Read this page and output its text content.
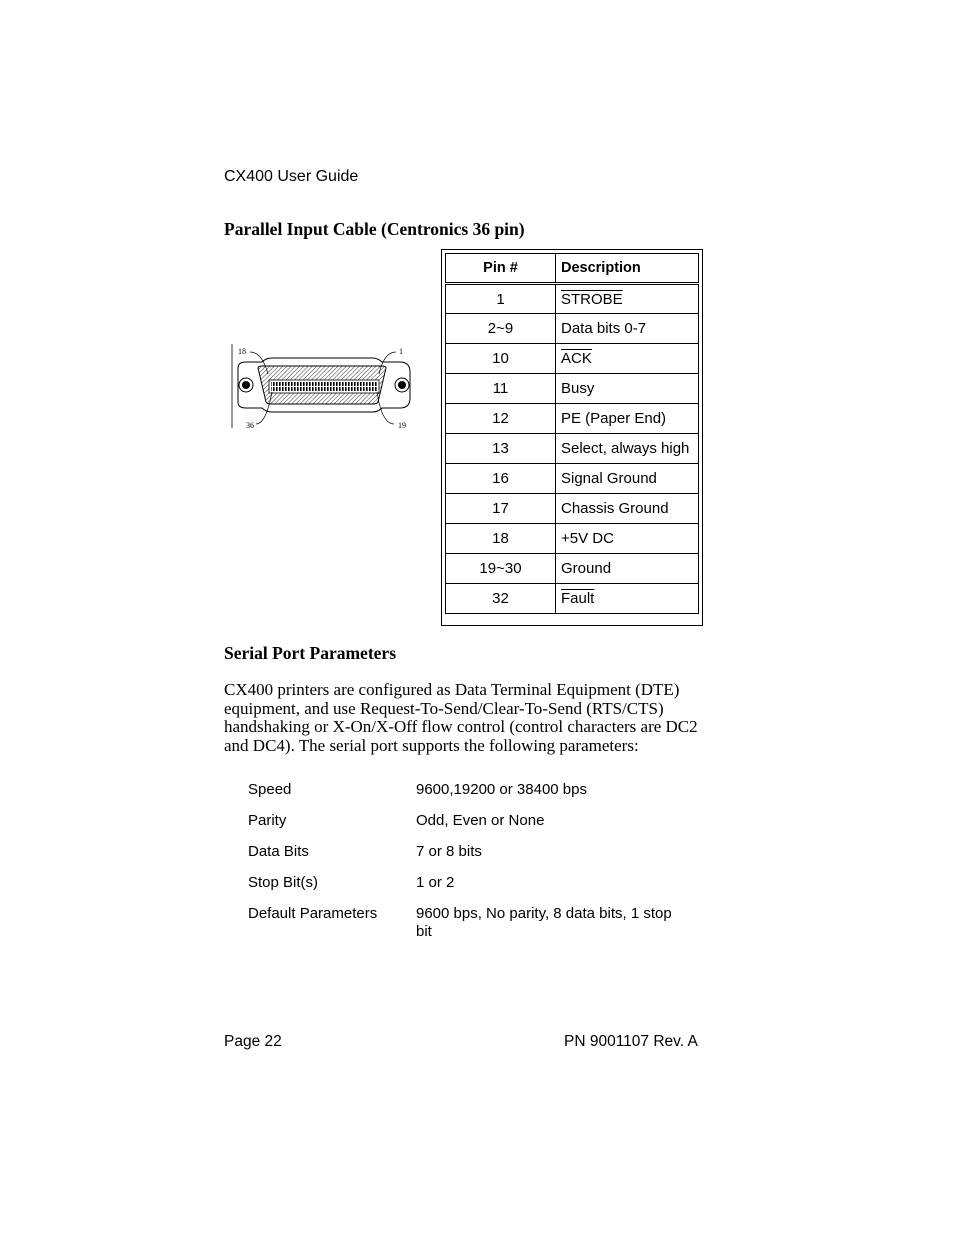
CX400 User Guide
Parallel Input Cable (Centronics 36 pin)
18	1
36	19
Pin #	Description
1	STROBE
2~9	Data bits 0-7
10	$\overline{ACK}$
11	Busy
12	PE (Paper End)
13	Select, always high
16	Signal Ground
17	Chassis Ground
18	+5V DC
19~30	Ground
32	Fault
Serial Port Parameters

CX400 printers are configured as Data Terminal Equipment (DTE) equipment, and use Request-To-Send/Clear-To-Send (RTS/CTS) handshaking or X-On/X-Off flow control (control characters are DC2 and DC4). The serial port supports the following parameters:

Speed	9600,19200 or 38400 bps
Parity	Odd, Even or None
Data Bits	7 or 8 bits
Stop Bit(s)	1 or 2
Default Parameters	9600 bps, No parity, 8 data bits, 1 stop bit
Page 22	PN 9001107 Rev. A
